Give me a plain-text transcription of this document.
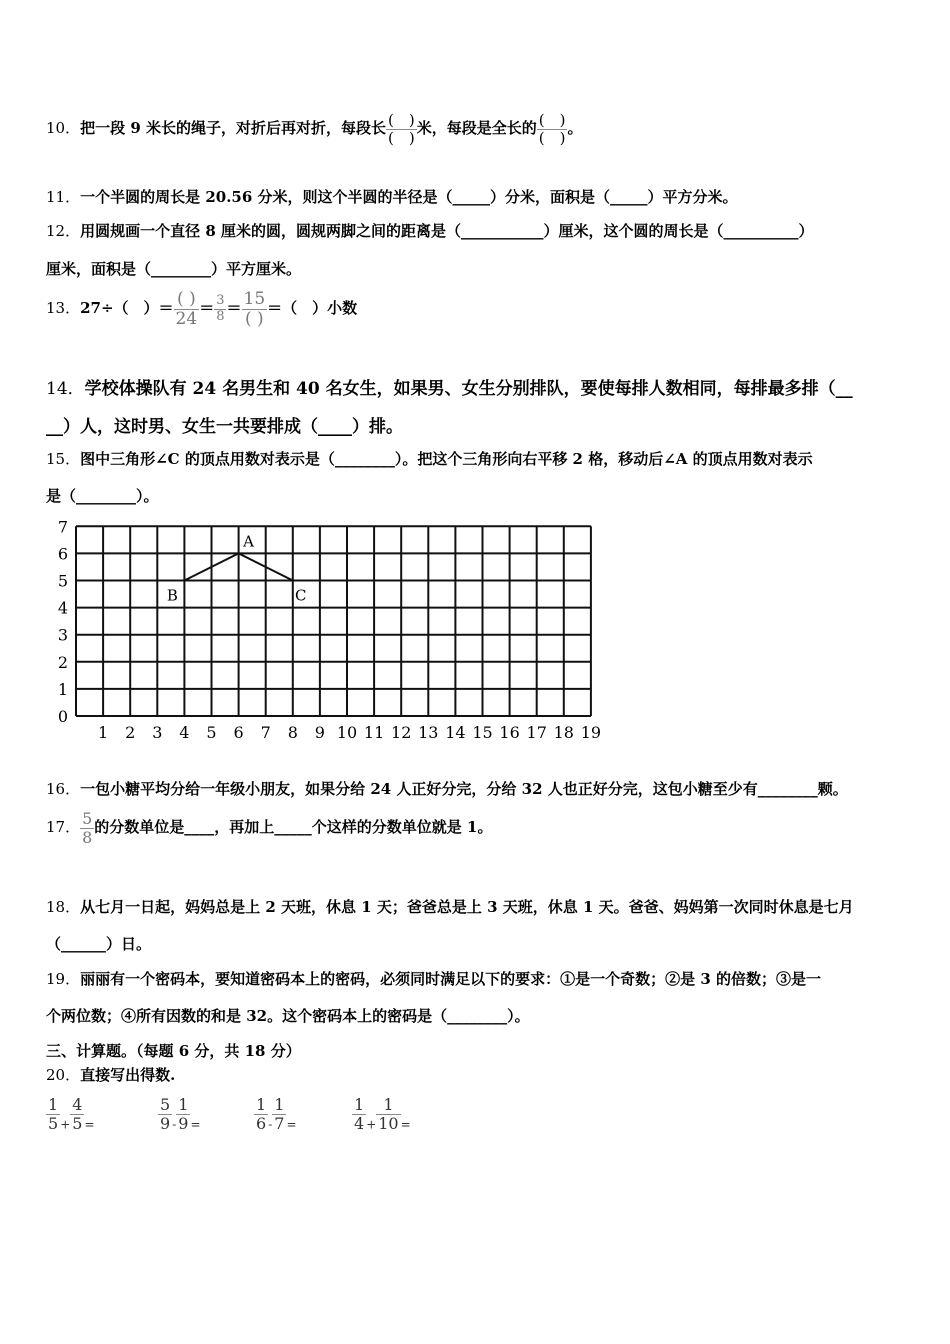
10．把一段 9 米长的绳子，对折后再对折，每段长 $\frac{( )}{( )}$ 米，每段是全长的 $\frac{( )}{( )}$ 。
11．一个半圆的周长是 20.56 分米，则这个半圆的半径是（_____）分米，面积是（_____）平方分米。
12．用圆规画一个直径 8 厘米的圆，圆规两脚之间的距离是（___________）厘米，这个圆的周长是（__________）
厘米，面积是（________）平方厘米。
13．27÷（　）＝ $\frac{( )}{24} = \frac{3}{8} = \frac{15}{( )}$ ＝（　）小数
14．学校体操队有 24 名男生和 40 名女生，如果男、女生分别排队，要使每排人数相同，每排最多排（__
__）人，这时男、女生一共要排成（____）排。
15．图中三角形∠C 的顶点用数对表示是（________）。把这个三角形向右平移 2 格，移动后∠A 的顶点用数对表示
是（________）。
1 2 3 4 5 6 7 8 9 10 11 12 13 14 15 16 17 18 19
0
1
2
3
4
5
6
7
A
B	C
16．一包小糖平均分给一年级小朋友，如果分给 24 人正好分完，分给 32 人也正好分完，这包小糖至少有________颗。
17． $\frac{5}{8}$ 的分数单位是____，再加上_____个这样的分数单位就是 1。
18．从七月一日起，妈妈总是上 2 天班，休息 1 天；爸爸总是上 3 天班，休息 1 天。爸爸、妈妈第一次同时休息是七月
（______）日。
19．丽丽有一个密码本，要知道密码本上的密码，必须同时满足以下的要求：①是一个奇数；②是 3 的倍数；③是一
个两位数；④所有因数的和是 32。这个密码本上的密码是（________）。
三、计算题。（每题 6 分，共 18 分）
20．直接写出得数.
$\frac{1}{5} _+ \frac{4}{5} _=$	$\frac{5}{9} _- \frac{1}{9} _=$	$\frac{1}{6} _- \frac{1}{7} _=$	$\frac{1}{4} _+ \frac{1}{10} _=$
